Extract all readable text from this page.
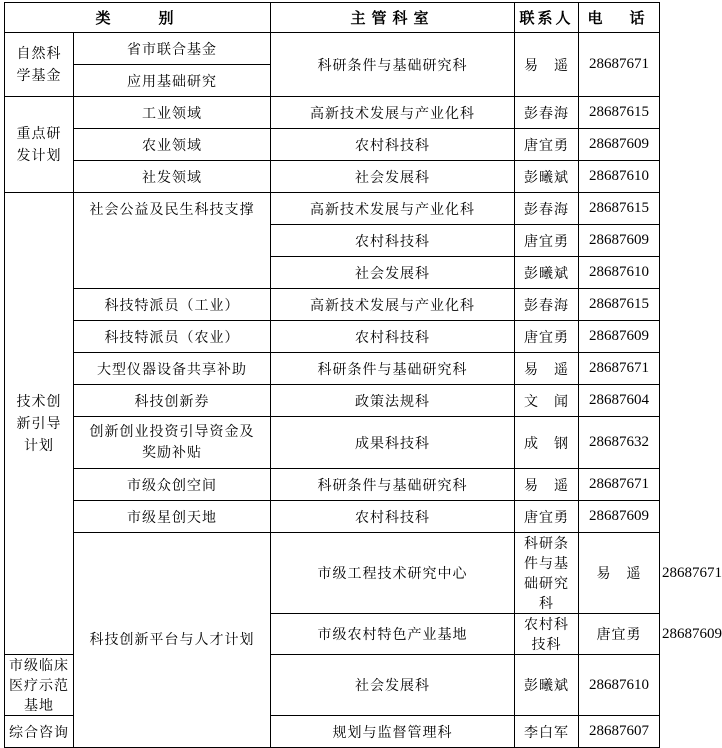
类　　别		主管科室	联系人	电　话	
自然科学基金	省市联合基金	科研条件与基础研究科	易　遥	28687671	
	应用基础研究				
重点研发计划	工业领域	高新技术发展与产业化科	彭春海	28687615	
	农业领域	农村科技科	唐宜勇	28687609	
	社发领域	社会发展科	彭曦斌	28687610	
技术创新引导计划	社会公益及民生科技支撑	高新技术发展与产业化科	彭春海	28687615	
		农村科技科	唐宜勇	28687609	
		社会发展科	彭曦斌	28687610	
	科技特派员（工业）	高新技术发展与产业化科	彭春海	28687615	
	科技特派员（农业）	农村科技科	唐宜勇	28687609	
	大型仪器设备共享补助	科研条件与基础研究科	易　遥	28687671	
	科技创新券	政策法规科	文　闻	28687604	
	创新创业投资引导资金及奖励补贴	成果科技科	成　钢	28687632	
	市级众创空间	科研条件与基础研究科	易　遥	28687671	
	市级星创天地	农村科技科	唐宜勇	28687609	
	科技创新平台与人才计划	市级工程技术研究中心	科研条件与基础研究科	易　遥	28687671
		市级农村特色产业基地	农村科技科	唐宜勇	28687609
市级临床医疗示范基地		社会发展科	彭曦斌	28687610	
综合咨询		规划与监督管理科	李白军	28687607	
